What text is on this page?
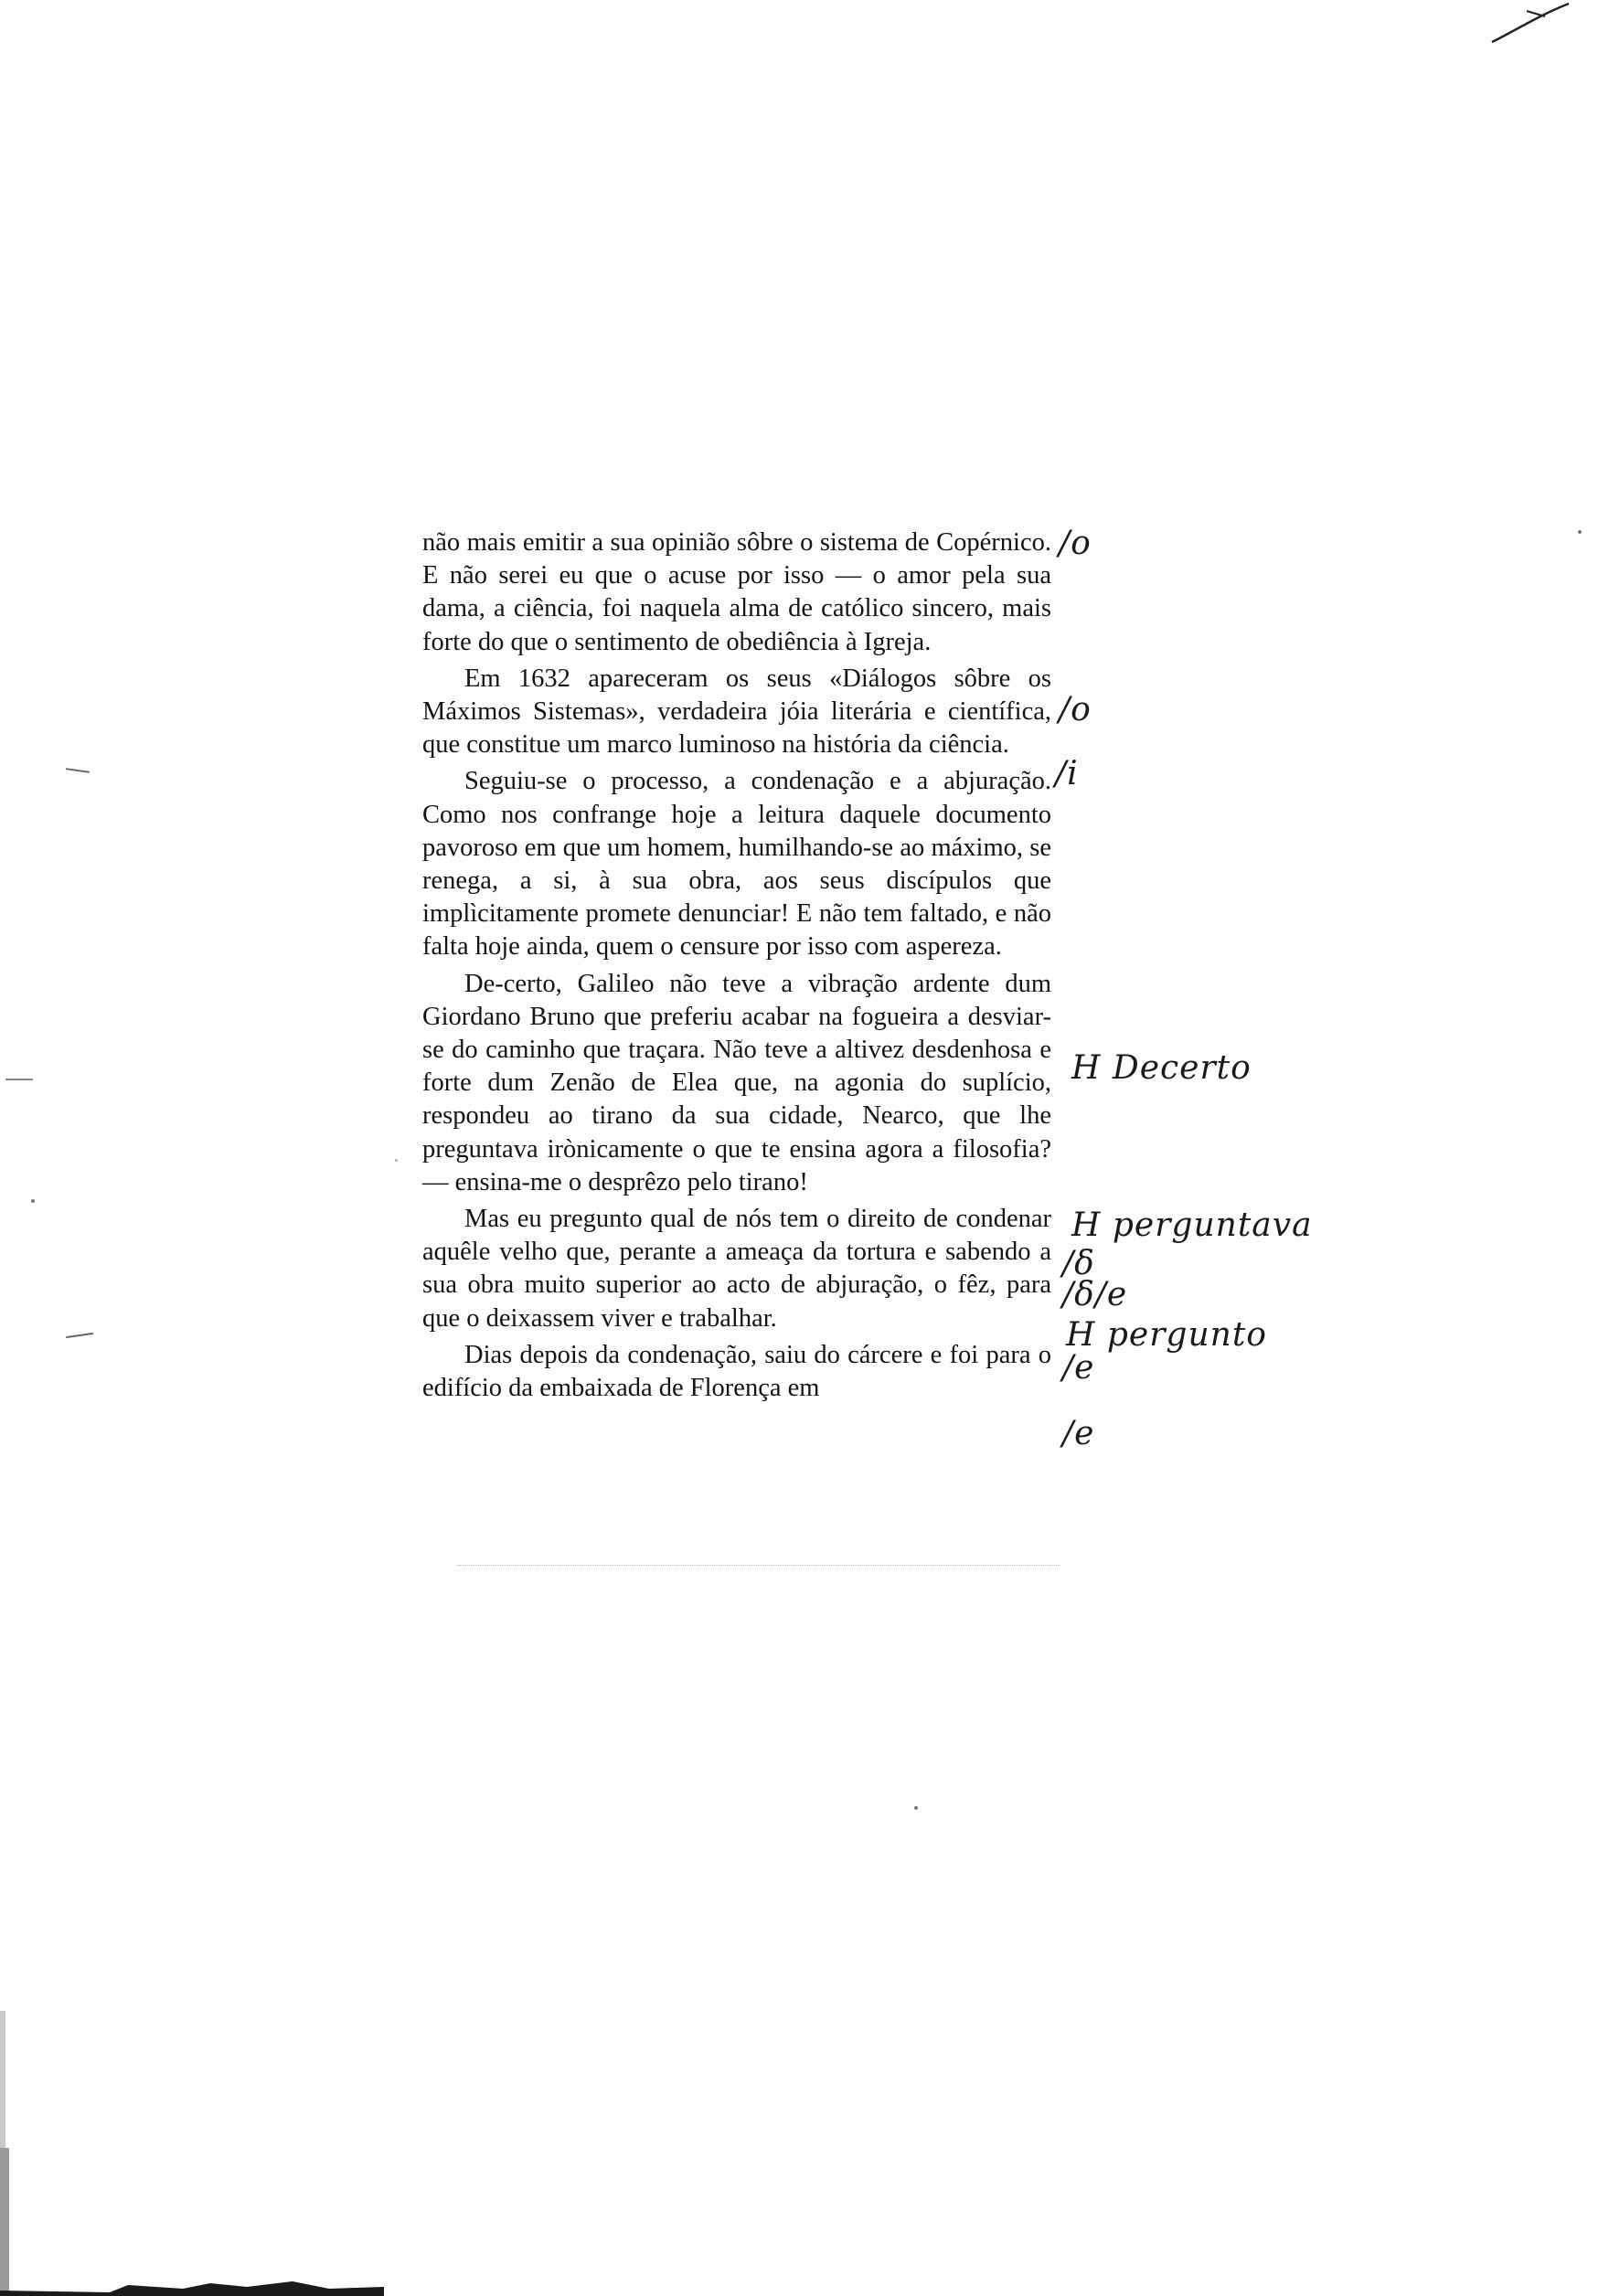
não mais emitir a sua opinião sôbre o sistema de Copérnico. E não serei eu que o acuse por isso — o amor pela sua dama, a ciência, foi naquela alma de católico sincero, mais forte do que o sentimento de obediência à Igreja.

Em 1632 apareceram os seus «Diálogos sôbre os Máximos Sistemas», verdadeira jóia literária e científica, que constitue um marco luminoso na história da ciência.

Seguiu-se o processo, a condenação e a abjuração. Como nos confrange hoje a leitura daquele documento pavoroso em que um homem, humilhando-se ao máximo, se renega, a si, à sua obra, aos seus discípulos que implìcitamente promete denunciar! E não tem faltado, e não falta hoje ainda, quem o censure por isso com aspereza.

De-certo, Galileo não teve a vibração ardente dum Giordano Bruno que preferiu acabar na fogueira a desviar-se do caminho que traçara. Não teve a altivez desdenhosa e forte dum Zenão de Elea que, na agonia do suplício, respondeu ao tirano da sua cidade, Nearco, que lhe preguntava irònicamente o que te ensina agora a filosofia? — ensina-me o desprêzo pelo tirano!

Mas eu pregunto qual de nós tem o direito de condenar aquêle velho que, perante a ameaça da tortura e sabendo a sua obra muito superior ao acto de abjuração, o fêz, para que o deixassem viver e trabalhar.

Dias depois da condenação, saiu do cárcere e foi para o edifício da embaixada de Florença em

/o
/o
/i
H Decerto
H perguntava
/δ
/δ/e
H pergunto
/e
/e
